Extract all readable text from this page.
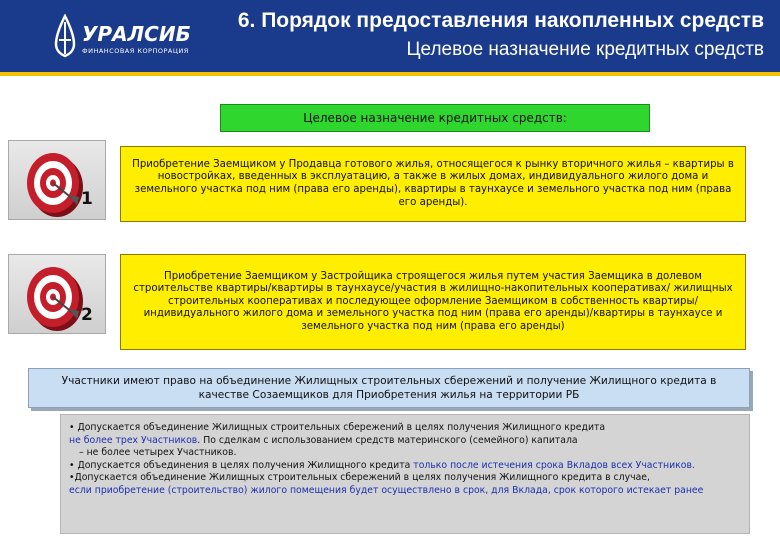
УРАЛСИБ
ФИНАНСОВАЯ КОРПОРАЦИЯ
6. Порядок предоставления накопленных средств
Целевое назначение кредитных средств
Целевое назначение кредитных средств:
1
Приобретение Заемщиком у Продавца готового жилья, относящегося к рынку вторичного жилья – квартиры в новостройках, введенных в эксплуатацию, а также в жилых домах, индивидуального жилого дома и земельного участка под ним (права его аренды), квартиры в таунхаусе и земельного участка под ним (права его аренды).
2
Приобретение Заемщиком у Застройщика строящегося жилья путем участия Заемщика в долевом строительстве квартиры/квартиры в таунхаусе/участия в жилищно-накопительных кооперативах/ жилищных строительных кооперативах и последующее оформление Заемщиком в собственность квартиры/индивидуального жилого дома и земельного участка под ним (права его аренды)/квартиры в таунхаусе и земельного участка под ним (права его аренды)
Участники имеют право на объединение Жилищных строительных сбережений и получение Жилищного кредита в качестве Созаемщиков для Приобретения жилья на территории РБ

• Допускается объединение Жилищных строительных сбережений в целях получения Жилищного кредита
не более трех Участников. По сделкам с использованием средств материнского (семейного) капитала
– не более четырех Участников.

• Допускается объединения в целях получения Жилищного кредита только после истечения срока Вкладов всех Участников.

•Допускается объединение Жилищных строительных сбережений в целях получения Жилищного кредита в случае,
если приобретение (строительство) жилого помещения будет осуществлено в срок, для Вклада, срок которого истекает ранее
